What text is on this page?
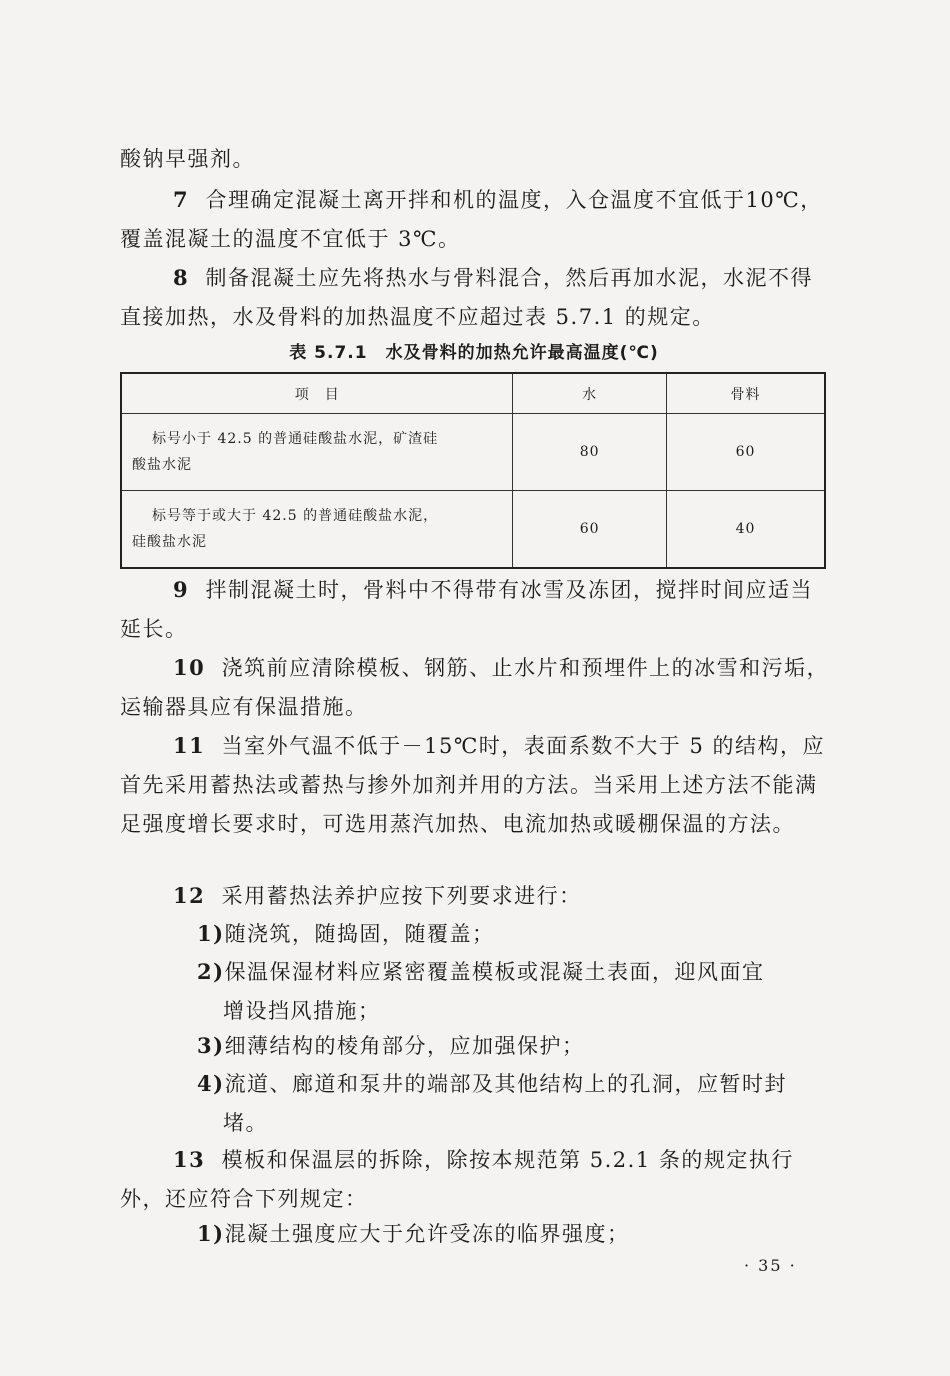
酸钠早强剂。

7 合理确定混凝土离开拌和机的温度，入仓温度不宜低于10℃，覆盖混凝土的温度不宜低于 3℃。

8 制备混凝土应先将热水与骨料混合，然后再加水泥，水泥不得直接加热，水及骨料的加热温度不应超过表 5.7.1 的规定。

表 5.7.1　水及骨料的加热允许最高温度(℃)
项　目	水	骨料

标号小于 42.5 的普通硅酸盐水泥，矿渣硅
酸盐水泥	80	60

标号等于或大于 42.5 的普通硅酸盐水泥，
硅酸盐水泥	60	40

9 拌制混凝土时，骨料中不得带有冰雪及冻团，搅拌时间应适当延长。

10 浇筑前应清除模板、钢筋、止水片和预埋件上的冰雪和污垢，运输器具应有保温措施。

11 当室外气温不低于－15℃时，表面系数不大于 5 的结构，应首先采用蓄热法或蓄热与掺外加剂并用的方法。当采用上述方法不能满足强度增长要求时，可选用蒸汽加热、电流加热或暖棚保温的方法。

12 采用蓄热法养护应按下列要求进行：

1)随浇筑，随捣固，随覆盖；

2)保温保湿材料应紧密覆盖模板或混凝土表面，迎风面宜
增设挡风措施；

3)细薄结构的棱角部分，应加强保护；

4)流道、廊道和泵井的端部及其他结构上的孔洞，应暂时封
堵。

13 模板和保温层的拆除，除按本规范第 5.2.1 条的规定执行外，还应符合下列规定：

1)混凝土强度应大于允许受冻的临界强度；

· 35 ·
